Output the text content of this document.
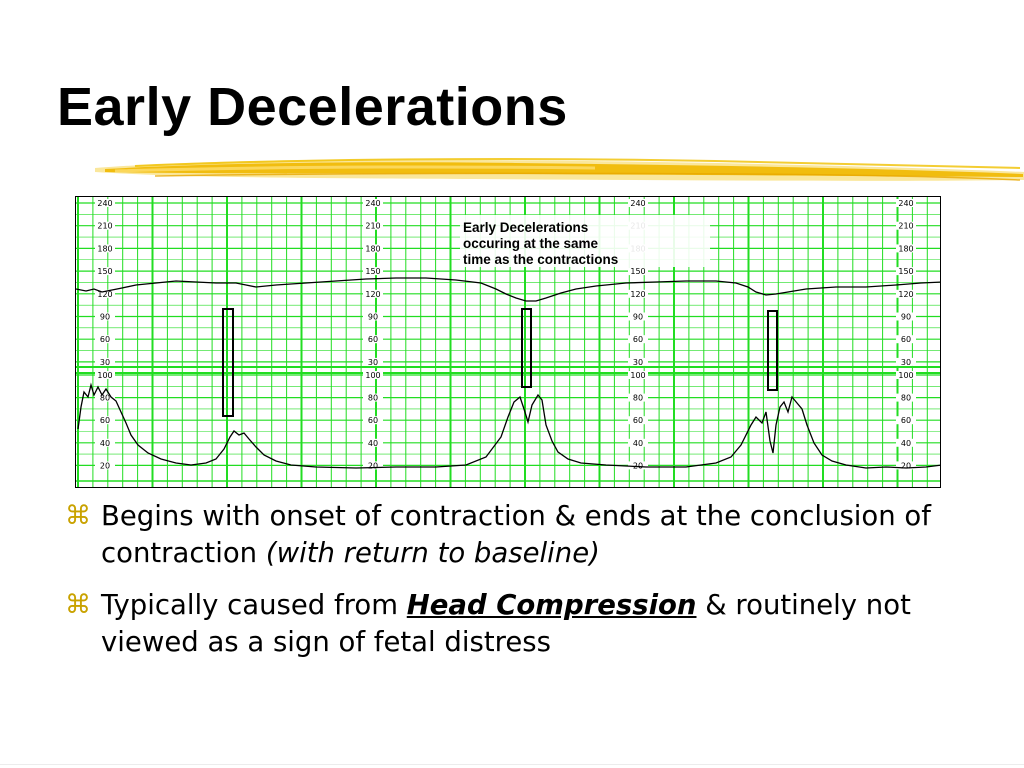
Early Decelerations
240
210
180
150
120
90
60
30
100
80
60
40
20
240
210
180
150
120
90
60
30
100
80
60
40
20
240
150
120
90
60
30
100
80
60
40
20
240
210
180
150
120
90
60
30
100
80
60
40
20
Early Decelerations
occuring at the same
time as the contractions
⌘ Begins with onset of contraction & ends at the conclusion of contraction (with return to baseline)
⌘ Typically caused from Head Compression & routinely not viewed as a sign of fetal distress
